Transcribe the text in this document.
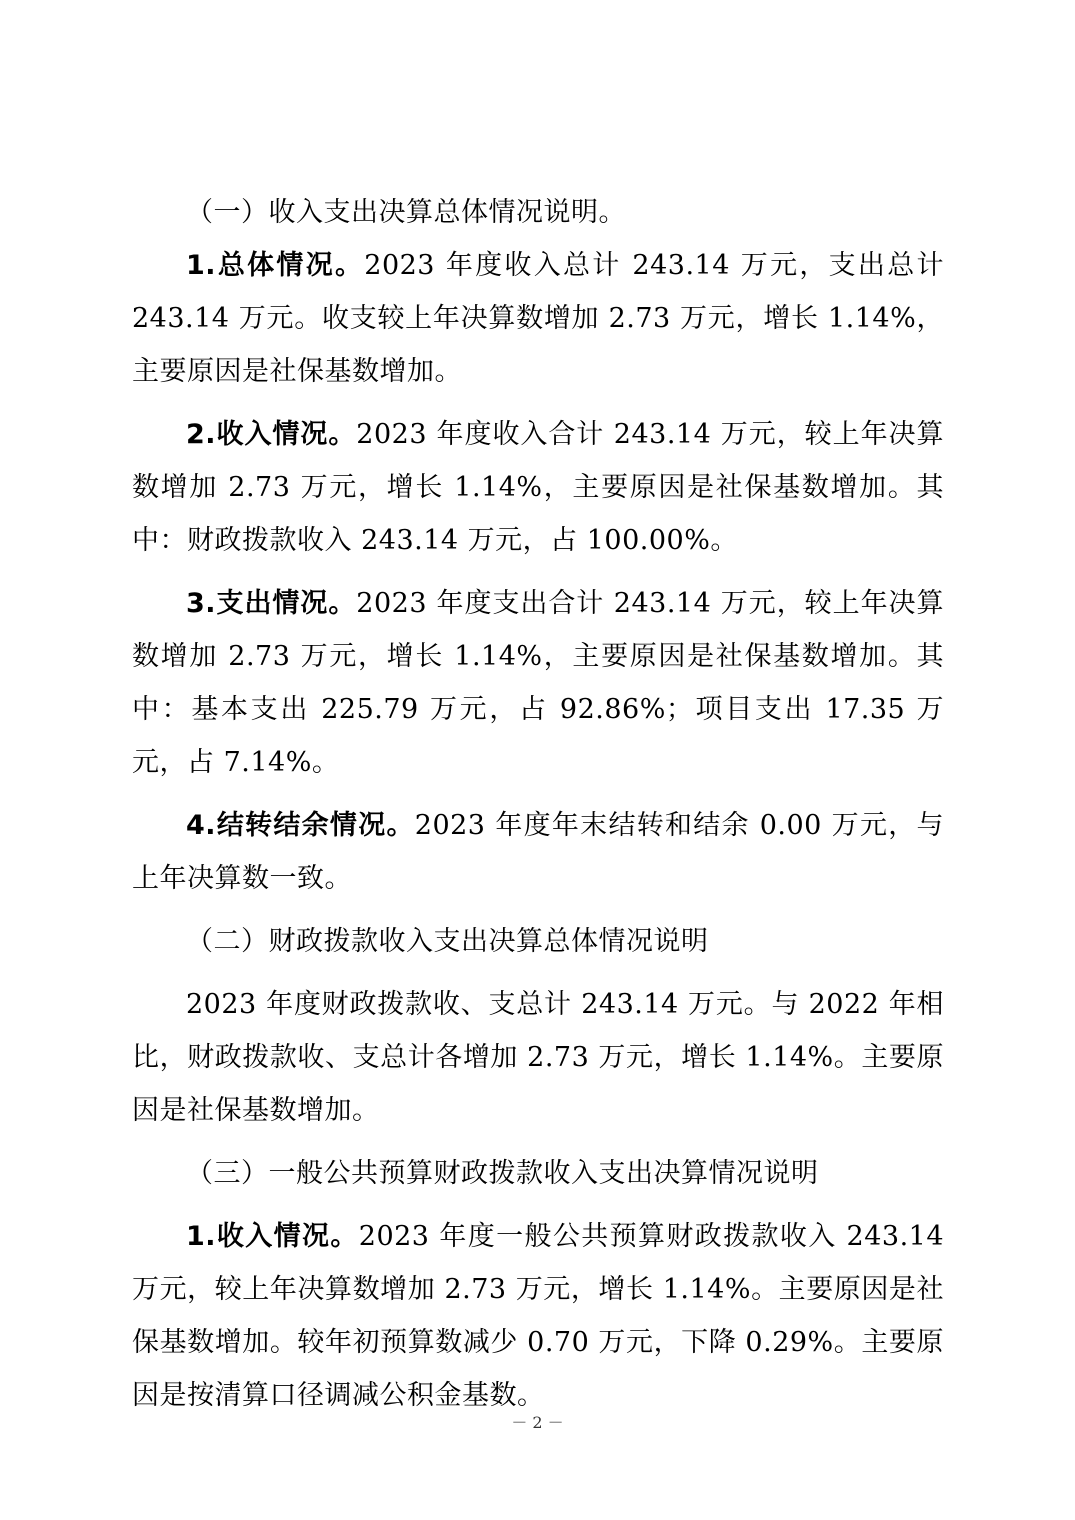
（一）收入支出决算总体情况说明。

1.总体情况。2023 年度收入总计 243.14 万元，支出总计 243.14 万元。收支较上年决算数增加 2.73 万元，增长 1.14%，主要原因是社保基数增加。

2.收入情况。2023 年度收入合计 243.14 万元，较上年决算数增加 2.73 万元，增长 1.14%，主要原因是社保基数增加。其中：财政拨款收入 243.14 万元，占 100.00%。

3.支出情况。2023 年度支出合计 243.14 万元，较上年决算数增加 2.73 万元，增长 1.14%，主要原因是社保基数增加。其中：基本支出 225.79 万元，占 92.86%；项目支出 17.35 万元，占 7.14%。

4.结转结余情况。2023 年度年末结转和结余 0.00 万元，与上年决算数一致。

（二）财政拨款收入支出决算总体情况说明

2023 年度财政拨款收、支总计 243.14 万元。与 2022 年相比，财政拨款收、支总计各增加 2.73 万元，增长 1.14%。主要原因是社保基数增加。

（三）一般公共预算财政拨款收入支出决算情况说明

1.收入情况。2023 年度一般公共预算财政拨款收入 243.14 万元，较上年决算数增加 2.73 万元，增长 1.14%。主要原因是社保基数增加。较年初预算数减少 0.70 万元，下降 0.29%。主要原因是按清算口径调减公积金基数。

－ 2 －
